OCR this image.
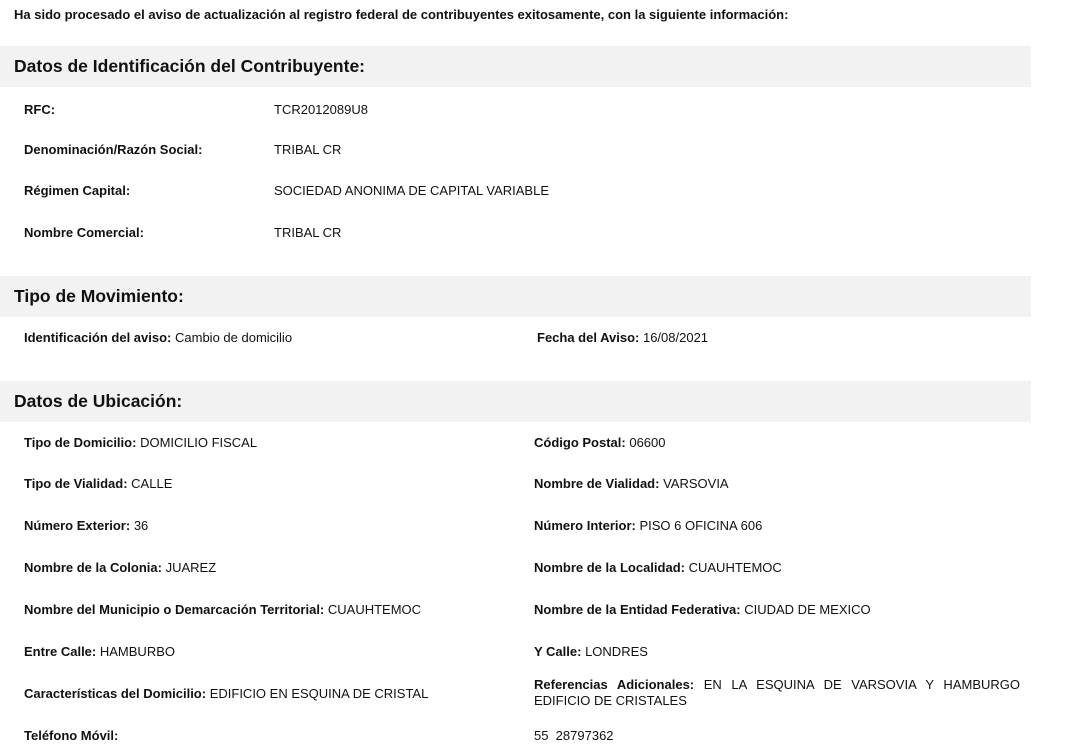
Ha sido procesado el aviso de actualización al registro federal de contribuyentes exitosamente, con la siguiente información:
Datos de Identificación del Contribuyente:
RFC:	TCR2012089U8
Denominación/Razón Social:	TRIBAL CR
Régimen Capital:	SOCIEDAD ANONIMA DE CAPITAL VARIABLE
Nombre Comercial:	TRIBAL CR
Tipo de Movimiento:
Identificación del aviso: Cambio de domicilio	Fecha del Aviso: 16/08/2021
Datos de Ubicación:
Tipo de Domicilio: DOMICILIO FISCAL	Código Postal: 06600
Tipo de Vialidad: CALLE	Nombre de Vialidad: VARSOVIA
Número Exterior: 36	Número Interior: PISO 6 OFICINA 606
Nombre de la Colonia: JUAREZ	Nombre de la Localidad: CUAUHTEMOC
Nombre del Municipio o Demarcación Territorial: CUAUHTEMOC	Nombre de la Entidad Federativa: CIUDAD DE MEXICO
Entre Calle: HAMBURBO	Y Calle: LONDRES
Características del Domicilio: EDIFICIO EN ESQUINA DE CRISTAL
Referencias Adicionales: EN LA ESQUINA DE VARSOVIA Y HAMBURGO EDIFICIO DE CRISTALES
Teléfono Móvil:	55  28797362
